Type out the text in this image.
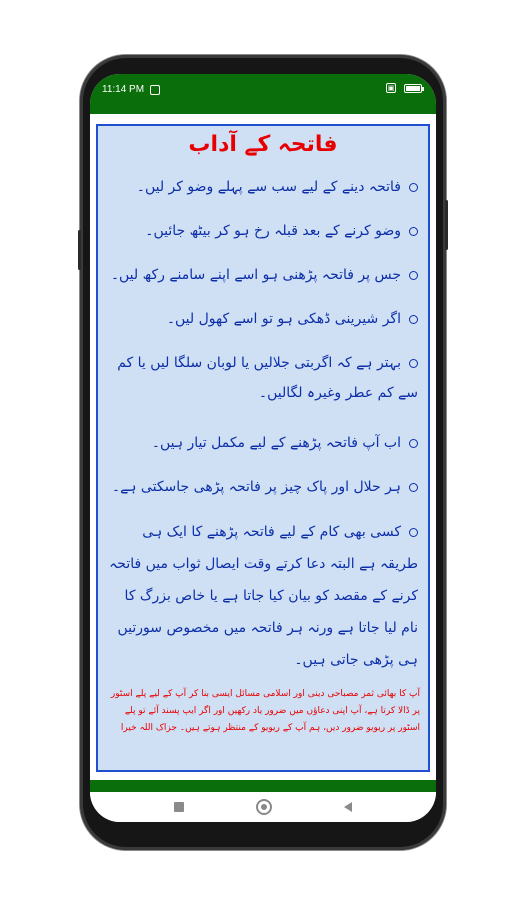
11:14 PM	▣
فاتحہ کے آداب
فاتحہ دینے کے لیے سب سے پہلے وضو کر لیں۔
وضو کرنے کے بعد قبلہ رخ ہو کر بیٹھ جائیں۔
جس پر فاتحہ پڑھنی ہو اسے اپنے سامنے رکھ لیں۔
اگر شیرینی ڈھکی ہو تو اسے کھول لیں۔
بہتر ہے کہ اگربتی جلالیں یا لوبان سلگا لیں یا کم سے کم عطر وغیرہ لگالیں۔
اب آپ فاتحہ پڑھنے کے لیے مکمل تیار ہیں۔
ہر حلال اور پاک چیز پر فاتحہ پڑھی جاسکتی ہے۔
کسی بھی کام کے لیے فاتحہ پڑھنے کا ایک ہی طریقہ ہے البتہ دعا کرتے وقت ایصال ثواب میں فاتحہ کرنے کے مقصد کو بیان کیا جاتا ہے یا خاص بزرگ کا نام لیا جاتا ہے ورنہ ہر فاتحہ میں مخصوص سورتیں ہی پڑھی جاتی ہیں۔
آپ کا بھائی ثمر مصباحی دینی اور اسلامی مسائل ایسی بنا کر آپ کے لیے پلے اسٹور پر ڈالا کرتا ہے، آپ اپنی دعاؤں میں ضرور یاد رکھیں اور اگر ایپ پسند آئے تو پلے اسٹور پر ریویو ضرور دیں، ہم آپ کے ریویو کے منتظر ہوتے ہیں۔ جزاک اللہ خیرا
